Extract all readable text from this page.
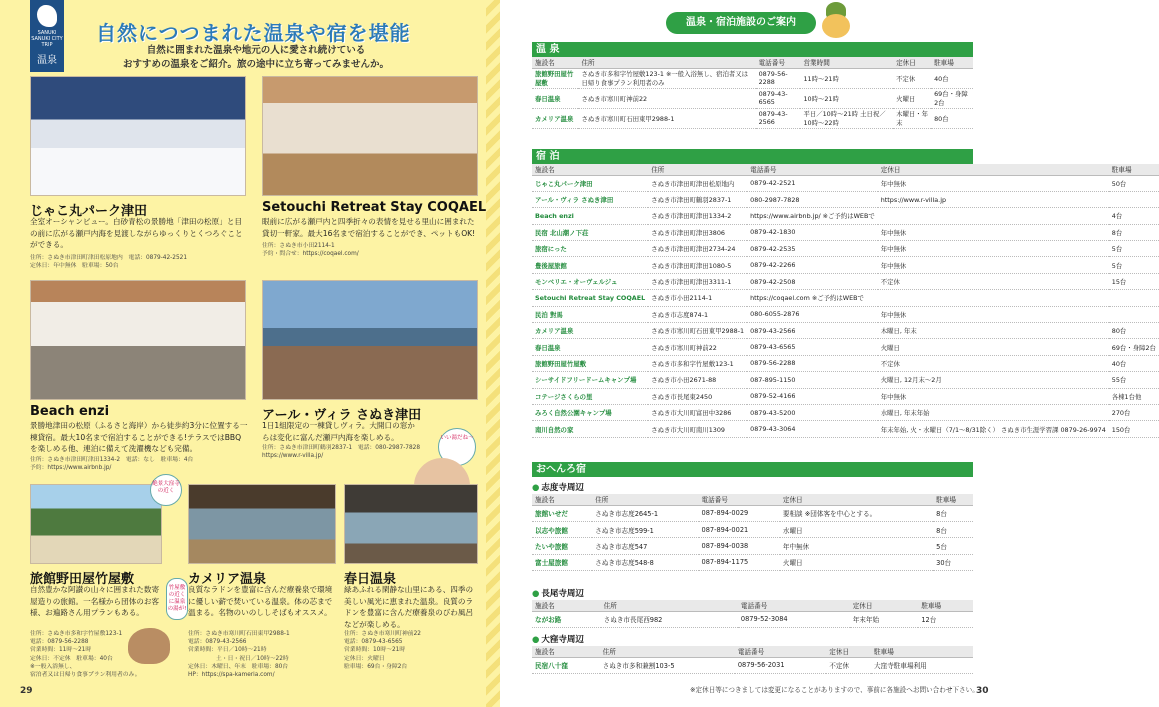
SANUKI
SANUKI CITY
TRIP
温泉
自然につつまれた温泉や宿を堪能
自然に囲まれた温泉や地元の人に愛され続けている
おすすめの温泉をご紹介。旅の途中に立ち寄ってみませんか。
じゃこ丸パーク津田
全室オーシャンビュー。白砂青松の景勝地「津田の松原」と目の前に広がる瀬戸内海を見渡しながらゆっくりとくつろぐことができる。
住所：さぬき市津田町津田松原地内　電話：0879-42-2521
定休日：年中無休　駐車場：50台
Setouchi Retreat Stay COQAEL
眼前に広がる瀬戸内と四季折々の表情を見せる里山に囲まれた貸切一軒家。最大16名まで宿泊することができ、ペットもOK!
住所：さぬき市小田2114-1
予約・問合せ：https://coqael.com/
Beach enzi
景勝地津田の松原（ふるさと海岸）から徒歩約3分に位置する一棟貸宿。最大10名まで宿泊することができる!テラスではBBQを楽しめる他、連泊に備えて洗濯機なども完備。
住所：さぬき市津田町津田1334-2　電話：なし　駐車場：4台
予約：https://www.airbnb.jp/
アール・ヴィラ さぬき津田
1日1組限定の一棟貸しヴィラ。大開口の窓からは変化に富んだ瀬戸内海を楽しめる。
住所：さぬき市津田町鶴羽2837-1　電話：080-2987-7828
https://www.r-villa.jp/
いい湯だね〜
絶景大窪寺の近く
旅館野田屋竹屋敷
自然豊かな阿讃の山々に囲まれた数寄屋造りの旅館。一名様から団体のお客様、お遍路さん用プランもある。
住所：さぬき市多和字竹屋敷123-1
電話：0879-56-2288
営業時間：11時〜21時
定休日：不定休　駐車場：40台
※一般入浴無し、
宿泊者又は日帰り食事プラン利用者のみ。
竹屋敷の近くに温泉の湯が!
カメリア温泉
良質なラドンを豊富に含んだ療養泉で環境に優しい薪で焚いている温泉。体の芯まで温まる。名物のいのししそばもオススメ。
住所：さぬき市寒川町石田東甲2988-1
電話：0879-43-2566
営業時間：平日／10時〜21時
土・日・祝日／10時〜22時
定休日：木曜日、年末　駐車場：80台
HP：https://spa-kameria.com/
春日温泉
緑あふれる閑静な山里にある、四季の美しい風光に恵まれた温泉。良質のラドンを豊富に含んだ療養泉のびわ風呂などが楽しめる。
住所：さぬき市寒川町神前22
電話：0879-43-6565
営業時間：10時〜21時
定休日：火曜日
駐車場：69台・身障2台
29
温泉・宿泊施設のご案内
温 泉
施設名	住所	電話番号	営業時間	定休日	駐車場
旅館野田屋竹屋敷	さぬき市多和字竹屋敷123-1 ※一般入浴無し、宿泊者又は日帰り食事プラン利用者のみ	0879-56-2288	11時〜21時	不定休	40台
春日温泉	さぬき市寒川町神前22	0879-43-6565	10時〜21時	火曜日	69台・身障2台
カメリア温泉	さぬき市寒川町石田東甲2988-1	0879-43-2566	平日／10時〜21時 土日祝／10時〜22時	木曜日・年末	80台
宿 泊
施設名	住所	電話番号	定休日	駐車場
じゃこ丸パーク津田	さぬき市津田町津田松原地内	0879-42-2521	年中無休	50台
アール・ヴィラ さぬき津田	さぬき市津田町鶴羽2837-1	080-2987-7828	https://www.r-villa.jp	
Beach enzi	さぬき市津田町津田1334-2	https://www.airbnb.jp/ ※ご予約はWEBで		4台
民宿 北山潮ノ下荘	さぬき市津田町津田3806	0879-42-1830	年中無休	8台
旅宿にった	さぬき市津田町津田2734-24	0879-42-2535	年中無休	5台
豊後屋旅館	さぬき市津田町津田1080-5	0879-42-2266	年中無休	5台
モンベリエ・オーヴェルジュ	さぬき市津田町津田3311-1	0879-42-2508	不定休	15台
Setouchi Retreat Stay COQAEL	さぬき市小田2114-1	https://coqael.com ※ご予約はWEBで		
民泊 對馬	さぬき市志度874-1	080-6055-2876	年中無休	
カメリア温泉	さぬき市寒川町石田東甲2988-1	0879-43-2566	木曜日, 年末	80台
春日温泉	さぬき市寒川町神前22	0879-43-6565	火曜日	69台・身障2台
旅館野田屋竹屋敷	さぬき市多和字竹屋敷123-1	0879-56-2288	不定休	40台
シーサイドフリードームキャンプ場	さぬき市小田2671-88	087-895-1150	火曜日, 12月末〜2月	55台
コテージさくらの里	さぬき市長尾東2450	0879-52-4166	年中無休	各棟1台他
みろく自然公園キャンプ場	さぬき市大川町富田中3286	0879-43-5200	水曜日, 年末年始	270台
南川自然の家	さぬき市大川町南川1309	0879-43-3064	年末年始, 火・水曜日（7/1〜8/31除く） さぬき市生涯学習課 0879-26-9974	150台
おへんろ宿
● 志度寺周辺
施設名	住所	電話番号	定休日	駐車場
旅館いせだ	さぬき市志度2645-1	087-894-0029	要相談 ※団体客を中心とする。	8台
以志や旅館	さぬき市志度599-1	087-894-0021	水曜日	8台
たいや旅館	さぬき市志度547	087-894-0038	年中無休	5台
富士屋旅館	さぬき市志度548-8	087-894-1175	火曜日	30台
● 長尾寺周辺
施設名	住所	電話番号	定休日	駐車場
ながお路	さぬき市長尾西982	0879-52-3084	年末年始	12台
● 大窪寺周辺
施設名	住所	電話番号	定休日	駐車場
民宿八十窪	さぬき市多和兼割103-5	0879-56-2031	不定休	大窪寺駐車場利用
※定休日等につきましては変更になることがありますので、事前に各施設へお問い合わせ下さい。
30
